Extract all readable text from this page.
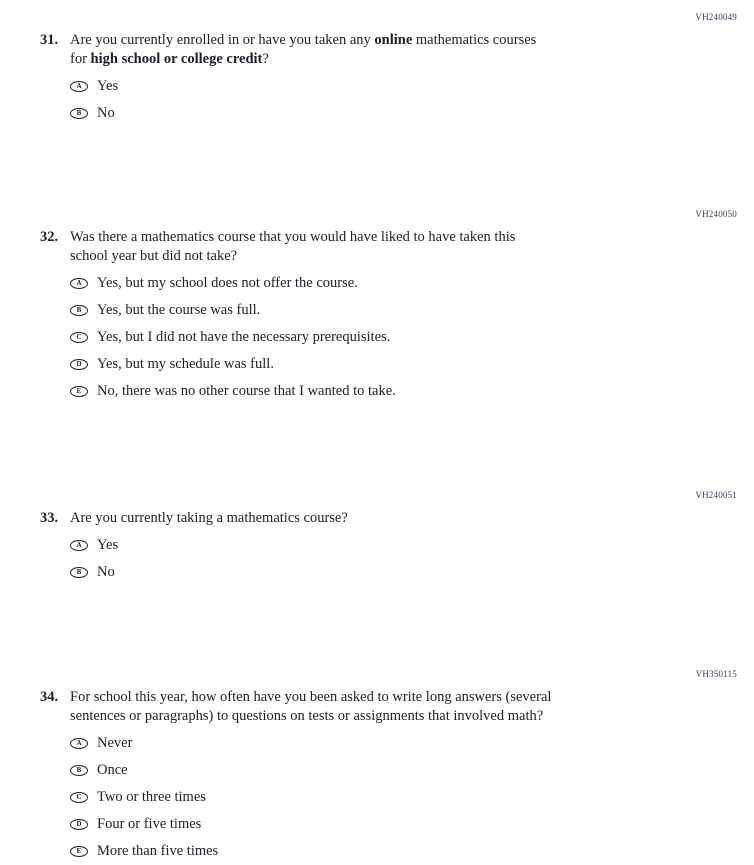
VH240049
31. Are you currently enrolled in or have you taken any online mathematics courses
for high school or college credit?
A Yes
B No
VH240050
32. Was there a mathematics course that you would have liked to have taken this
school year but did not take?
A Yes, but my school does not offer the course.
B Yes, but the course was full.
C Yes, but I did not have the necessary prerequisites.
D Yes, but my schedule was full.
E No, there was no other course that I wanted to take.
VH240051
33. Are you currently taking a mathematics course?
A Yes
B No
VH350115
34. For school this year, how often have you been asked to write long answers (several
sentences or paragraphs) to questions on tests or assignments that involved math?
A Never
B Once
C Two or three times
D Four or five times
E More than five times
